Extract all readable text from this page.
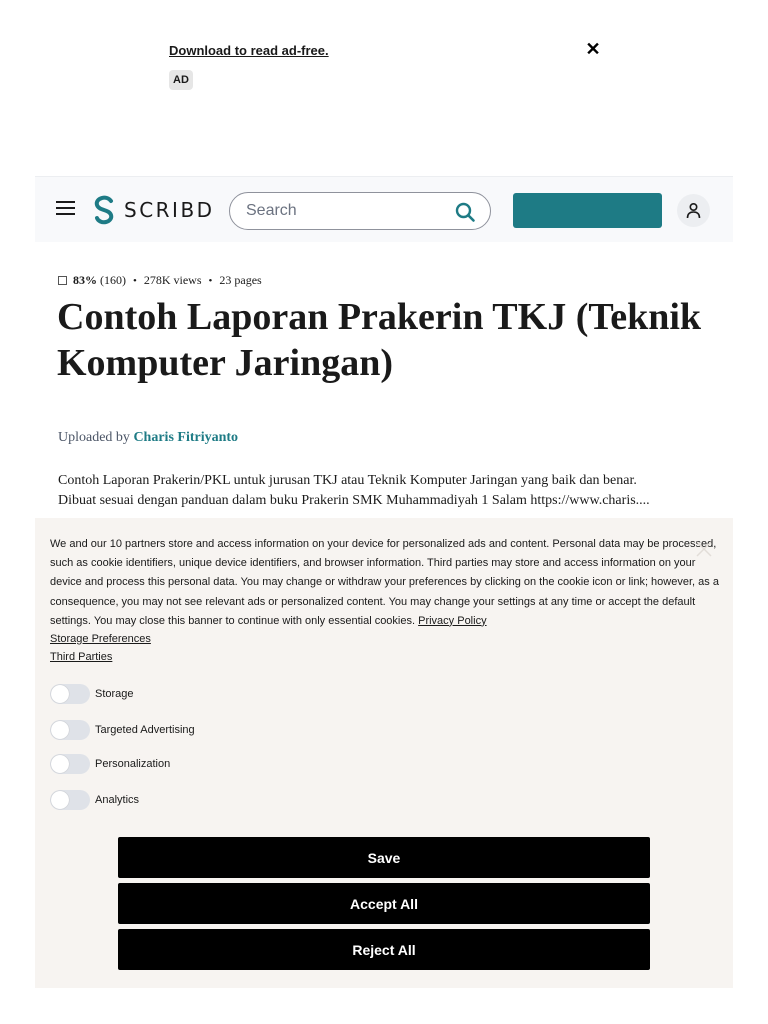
Download to read ad-free.
AD
✕
SCRIBD
Search
83% (160) • 278K views • 23 pages
Contoh Laporan Prakerin TKJ (Teknik Komputer Jaringan)
Uploaded by Charis Fitriyanto
Contoh Laporan Prakerin/PKL untuk jurusan TKJ atau Teknik Komputer Jaringan yang baik dan benar.
Dibuat sesuai dengan panduan dalam buku Prakerin SMK Muhammadiyah 1 Salam https://www.charis....
We and our 10 partners store and access information on your device for personalized ads and content. Personal data may be processed, such as cookie identifiers, unique device identifiers, and browser information. Third parties may store and access information on your device and process this personal data. You may change or withdraw your preferences by clicking on the cookie icon or link; however, as a consequence, you may not see relevant ads or personalized content. You may change your settings at any time or accept the default settings. You may close this banner to continue with only essential cookies. Privacy Policy
Storage Preferences
Third Parties
Storage
Targeted Advertising
Personalization
Analytics
Save
Accept All
Reject All
